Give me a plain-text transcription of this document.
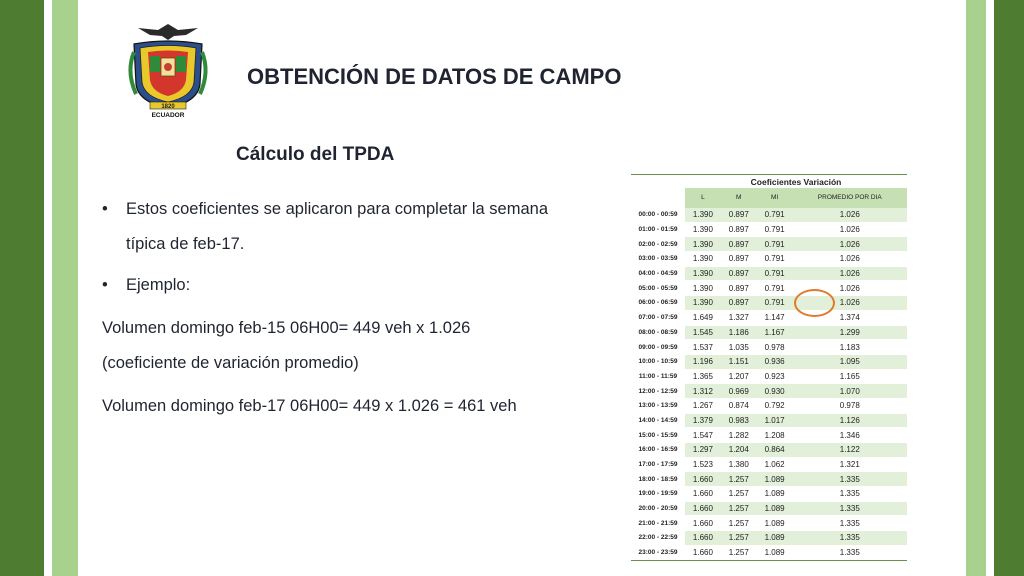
1820
ECUADOR
OBTENCIÓN DE DATOS DE CAMPO
Cálculo del TPDA
•	Estos coeficientes se aplicaron para completar la semana típica de feb-17.
•	Ejemplo:
Volumen domingo feb-15 06H00= 449 veh x 1.026
(coeficiente de variación promedio)
Volumen domingo feb-17 06H00= 449 x 1.026 = 461 veh
	Coeficientes Variación			
	L	M	MI	PROMEDIO POR DIA
00:00 - 00:59	1.390	0.897	0.791	1.026
01:00 - 01:59	1.390	0.897	0.791	1.026
02:00 - 02:59	1.390	0.897	0.791	1.026
03:00 - 03:59	1.390	0.897	0.791	1.026
04:00 - 04:59	1.390	0.897	0.791	1.026
05:00 - 05:59	1.390	0.897	0.791	1.026
06:00 - 06:59	1.390	0.897	0.791	1.026

07:00 - 07:59	1.649	1.327	1.147	1.374
08:00 - 08:59	1.545	1.186	1.167	1.299
09:00 - 09:59	1.537	1.035	0.978	1.183
10:00 - 10:59	1.196	1.151	0.936	1.095
11:00 - 11:59	1.365	1.207	0.923	1.165
12:00 - 12:59	1.312	0.969	0.930	1.070
13:00 - 13:59	1.267	0.874	0.792	0.978
14:00 - 14:59	1.379	0.983	1.017	1.126
15:00 - 15:59	1.547	1.282	1.208	1.346
16:00 - 16:59	1.297	1.204	0.864	1.122
17:00 - 17:59	1.523	1.380	1.062	1.321
18:00 - 18:59	1.660	1.257	1.089	1.335
19:00 - 19:59	1.660	1.257	1.089	1.335
20:00 - 20:59	1.660	1.257	1.089	1.335
21:00 - 21:59	1.660	1.257	1.089	1.335
22:00 - 22:59	1.660	1.257	1.089	1.335
23:00 - 23:59	1.660	1.257	1.089	1.335
